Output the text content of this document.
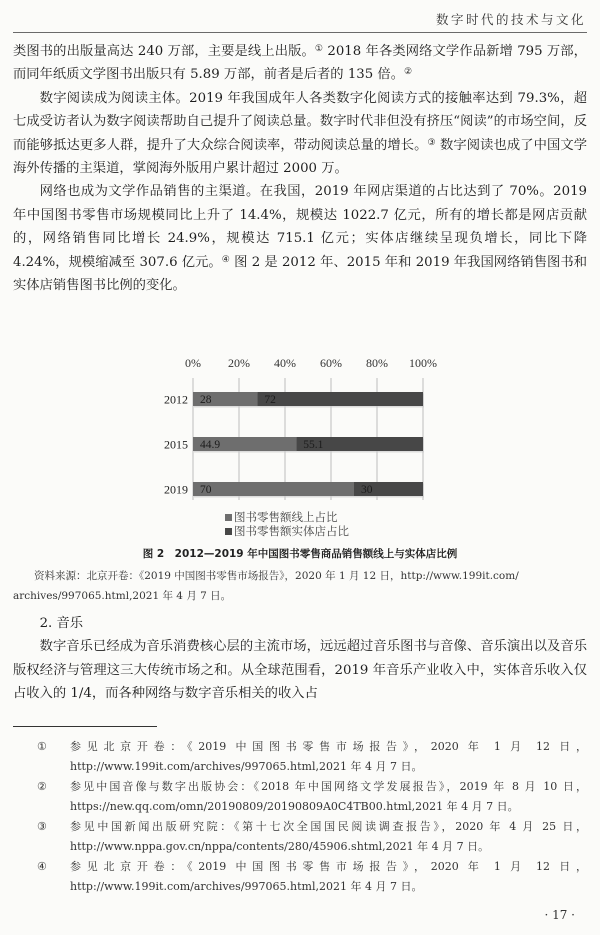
数字时代的技术与文化

类图书的出版量高达 240 万部，主要是线上出版。① 2018 年各类网络文学作品新增 795 万部，而同年纸质文学图书出版只有 5.89 万部，前者是后者的 135 倍。②

数字阅读成为阅读主体。2019 年我国成年人各类数字化阅读方式的接触率达到 79.3%，超七成受访者认为数字阅读帮助自己提升了阅读总量。数字时代非但没有挤压“阅读”的市场空间，反而能够抵达更多人群，提升了大众综合阅读率，带动阅读总量的增长。③ 数字阅读也成了中国文学海外传播的主渠道，掌阅海外版用户累计超过 2000 万。

网络也成为文学作品销售的主渠道。在我国，2019 年网店渠道的占比达到了 70%。2019 年中国图书零售市场规模同比上升了 14.4%，规模达 1022.7 亿元，所有的增长都是网店贡献的，网络销售同比增长 24.9%，规模达 715.1 亿元；实体店继续呈现负增长，同比下降 4.24%，规模缩减至 307.6 亿元。④ 图 2 是 2012 年、2015 年和 2019 年我国网络销售图书和实体店销售图书比例的变化。

0% 20% 40% 60% 80% 100%
2012 28	72
2015 44.9	55.1
2019 70	30
图书零售额线上占比
图书零售额实体店占比
图 2　2012—2019 年中国图书零售商品销售额线上与实体店比例
资料来源：北京开卷：《2019 中国图书零售市场报告》，2020 年 1 月 12 日，http://www.199it.com/
archives/997065.html,2021 年 4 月 7 日。

2. 音乐

数字音乐已经成为音乐消费核心层的主流市场，远远超过音乐图书与音像、音乐演出以及音乐版权经济与管理这三大传统市场之和。从全球范围看，2019 年音乐产业收入中，实体音乐收入仅占收入的 1/4，而各种网络与数字音乐相关的收入占

①	参见北京开卷：《2019 中国图书零售市场报告》，2020 年 1 月 12 日，http://www.199it.com/archives/997065.html,2021 年 4 月 7 日。
②	参见中国音像与数字出版协会：《2018 年中国网络文学发展报告》，2019 年 8 月 10 日，https://new.qq.com/omn/20190809/20190809A0C4TB00.html,2021 年 4 月 7 日。
③	参见中国新闻出版研究院：《第十七次全国国民阅读调查报告》，2020 年 4 月 25 日，http://www.nppa.gov.cn/nppa/contents/280/45906.shtml,2021 年 4 月 7 日。
④	参见北京开卷：《2019 中国图书零售市场报告》，2020 年 1 月 12 日，http://www.199it.com/archives/997065.html,2021 年 4 月 7 日。
· 17 ·
